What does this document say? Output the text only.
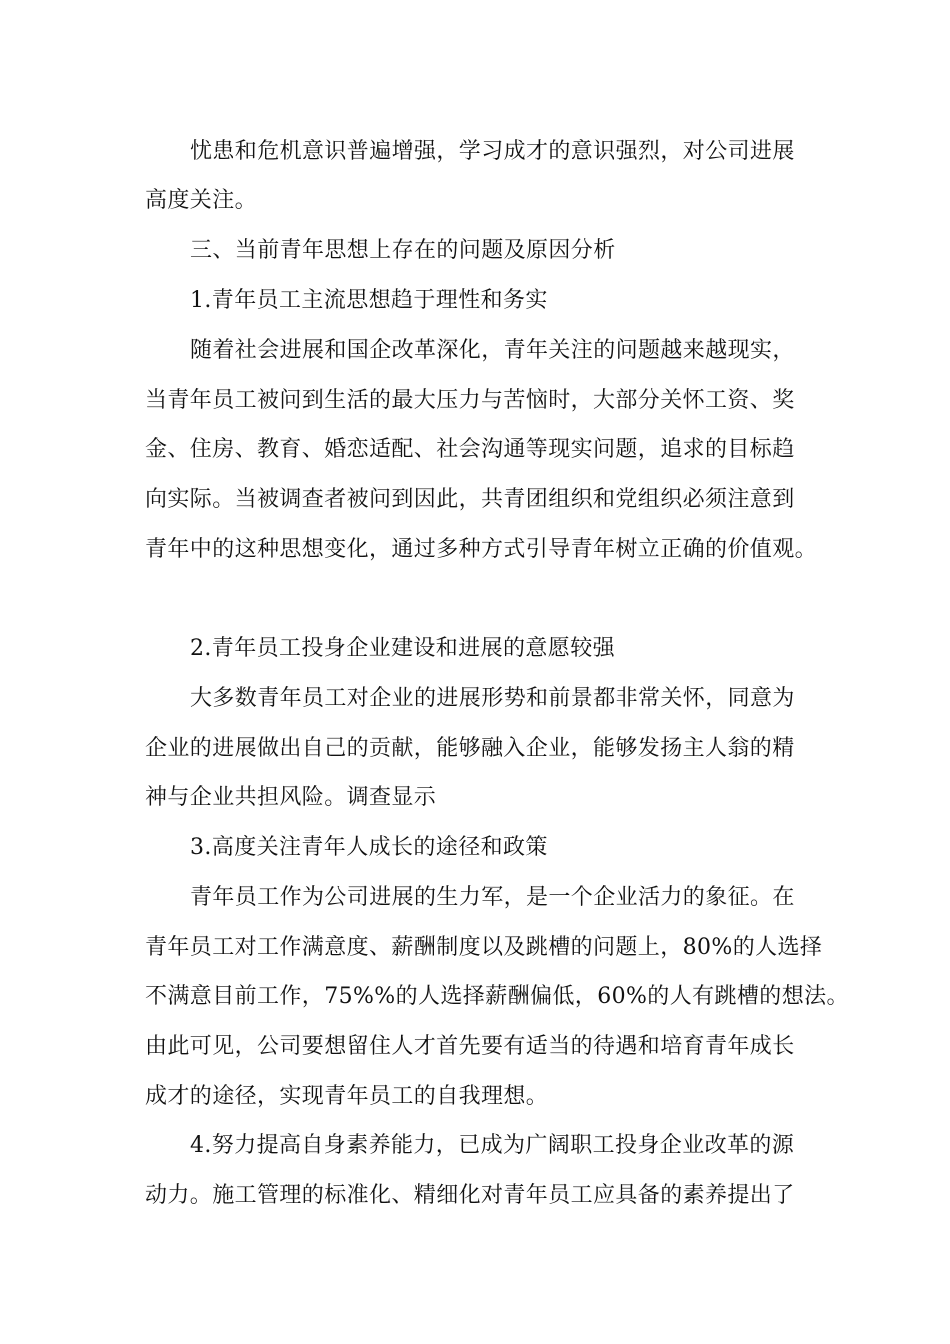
忧患和危机意识普遍增强，学习成才的意识强烈，对公司进展
高度关注。
三、当前青年思想上存在的问题及原因分析
1.青年员工主流思想趋于理性和务实
随着社会进展和国企改革深化，青年关注的问题越来越现实，
当青年员工被问到生活的最大压力与苦恼时，大部分关怀工资、奖
金、住房、教育、婚恋适配、社会沟通等现实问题，追求的目标趋
向实际。当被调查者被问到因此，共青团组织和党组织必须注意到
青年中的这种思想变化，通过多种方式引导青年树立正确的价值观。
2.青年员工投身企业建设和进展的意愿较强
大多数青年员工对企业的进展形势和前景都非常关怀，同意为
企业的进展做出自己的贡献，能够融入企业，能够发扬主人翁的精
神与企业共担风险。调查显示
3.高度关注青年人成长的途径和政策
青年员工作为公司进展的生力军，是一个企业活力的象征。在
青年员工对工作满意度、薪酬制度以及跳槽的问题上，80%的人选择
不满意目前工作，75%%的人选择薪酬偏低，60%的人有跳槽的想法。
由此可见，公司要想留住人才首先要有适当的待遇和培育青年成长
成才的途径，实现青年员工的自我理想。
4.努力提高自身素养能力，已成为广阔职工投身企业改革的源
动力。施工管理的标准化、精细化对青年员工应具备的素养提出了
